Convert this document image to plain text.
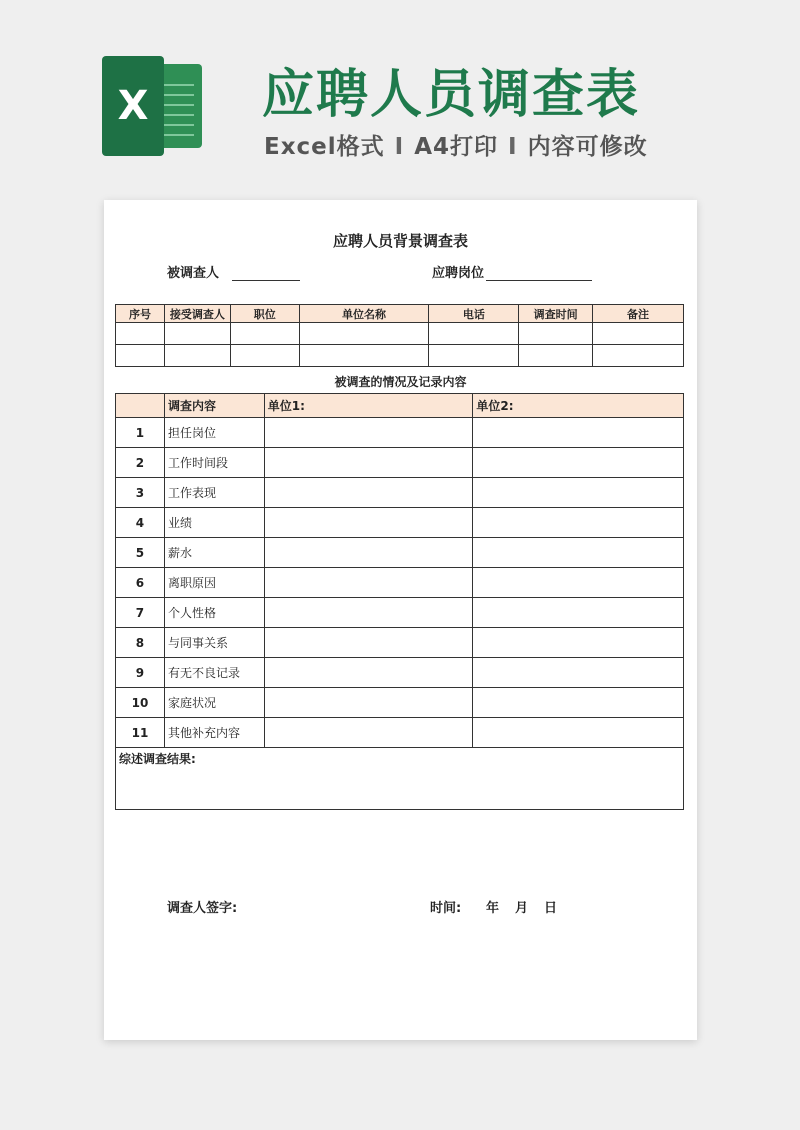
X 应聘人员调查表
Excel格式 I A4打印 I 内容可修改
应聘人员背景调查表
被调查人	应聘岗位
序号	接受调查人	职位	单位名称	电话	调查时间	备注

被调查的情况及记录内容
	调查内容	单位1:	单位2:
1	担任岗位		
2	工作时间段		
3	工作表现		
4	业绩		
5	薪水		
6	离职原因		
7	个人性格		
8	与同事关系		
9	有无不良记录		
10	家庭状况		
11	其他补充内容		
综述调查结果:			
调查人签字:	时间: 年 月 日
